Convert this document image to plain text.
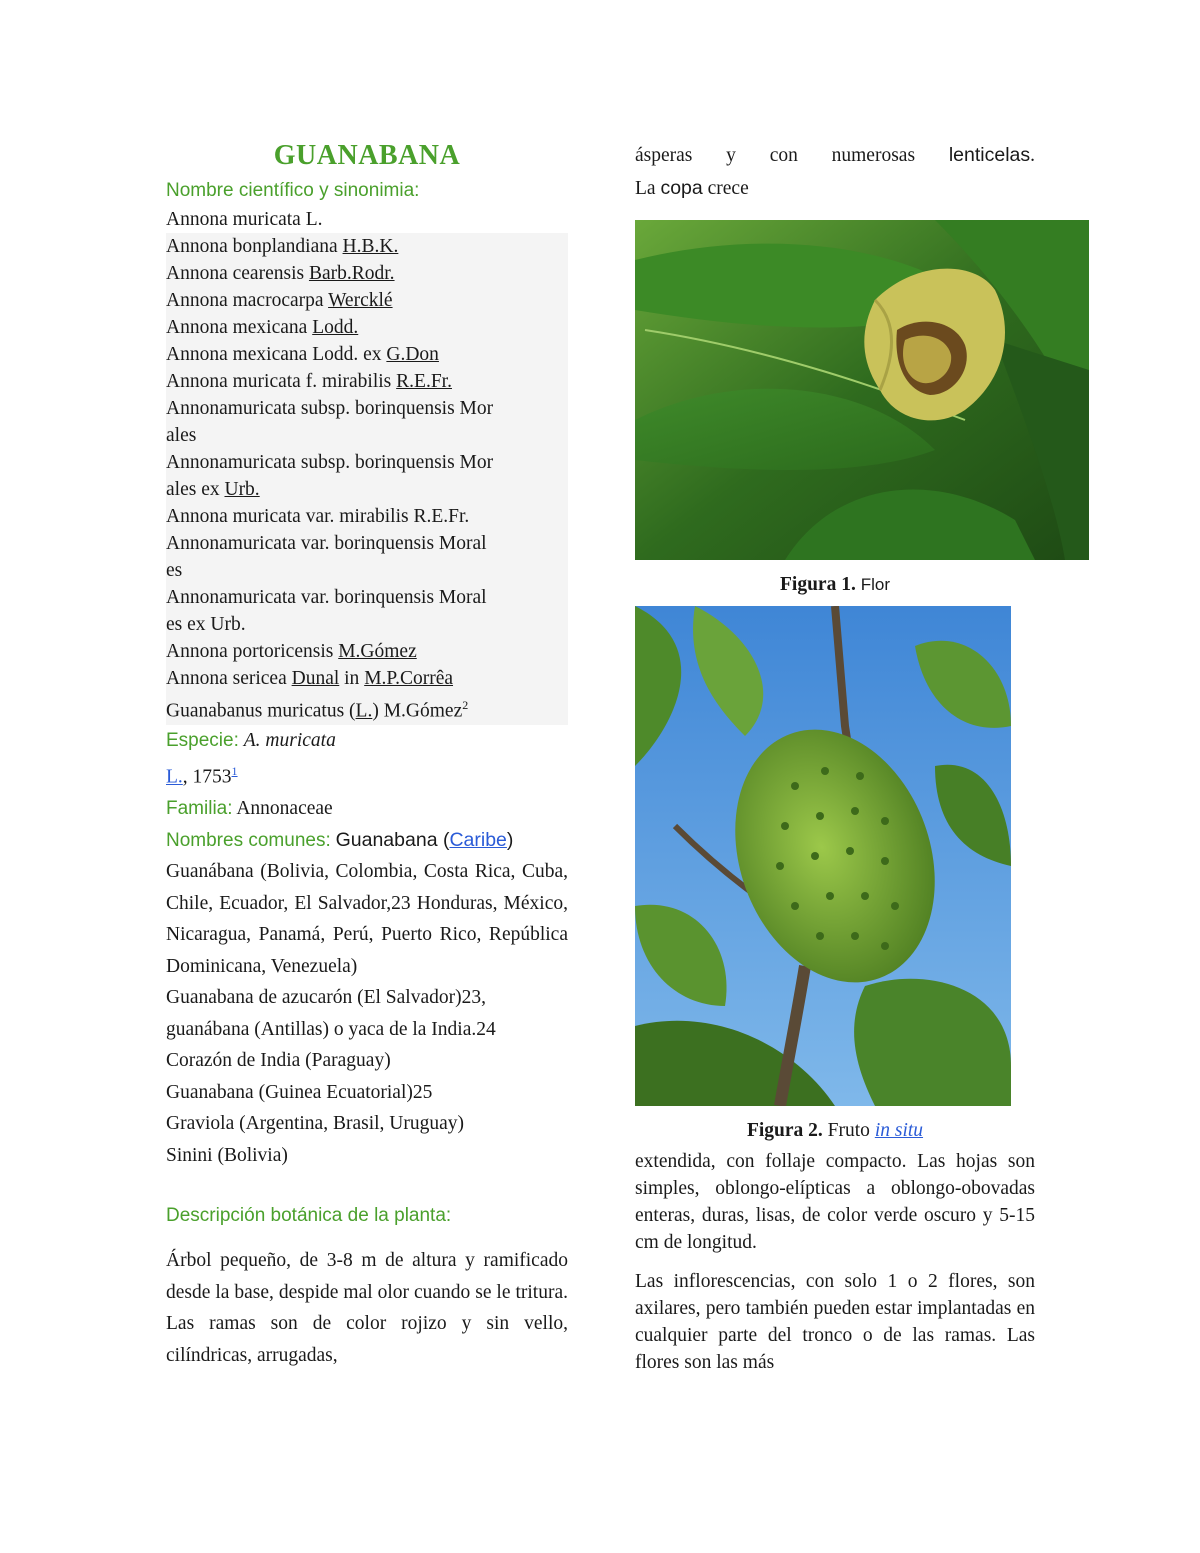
GUANABANA
Nombre científico y sinonimia:
Annona muricata L.
Annona bonplandiana H.B.K.
Annona cearensis Barb.Rodr.
Annona macrocarpa Wercklé
Annona mexicana Lodd.
Annona mexicana Lodd. ex G.Don
Annona muricata f. mirabilis R.E.Fr.
Annonamuricata subsp. borinquensis Mor
ales
Annonamuricata subsp. borinquensis Mor
ales ex Urb.
Annona muricata var. mirabilis R.E.Fr.
Annonamuricata var. borinquensis Moral
es
Annonamuricata var. borinquensis Moral
es ex Urb.
Annona portoricensis M.Gómez
Annona sericea Dunal in M.P.Corrêa
Guanabanus muricatus (L.) M.Gómez$^2$
Especie: A. muricata
L., 1753$^1$
Familia: Annonaceae
Nombres comunes: Guanabana (Caribe)
Guanábana (Bolivia, Colombia, Costa Rica, Cuba, Chile, Ecuador, El Salvador,23 Honduras, México, Nicaragua, Panamá, Perú, Puerto Rico, República Dominicana, Venezuela)
Guanabana de azucarón (El Salvador)23,
guanábana (Antillas) o yaca de la India.24
Corazón de India (Paraguay)
Guanabana (Guinea Ecuatorial)25
Graviola (Argentina, Brasil, Uruguay)
Sinini (Bolivia)
Descripción botánica de la planta:
Árbol pequeño, de 3-8 m de altura y ramificado desde la base, despide mal olor cuando se le tritura. Las ramas son de color rojizo y sin vello, cilíndricas, arrugadas,
ásperas y con numerosas lenticelas.
La copa crece
Figura 1. Flor
Figura 2. Fruto in situ
extendida, con follaje compacto. Las hojas son simples, oblongo-elípticas a oblongo-obovadas enteras, duras, lisas, de color verde oscuro y 5-15 cm de longitud.
Las inflorescencias, con solo 1 o 2 flores, son axilares, pero también pueden estar implantadas en cualquier parte del tronco o de las ramas. Las flores son las más
